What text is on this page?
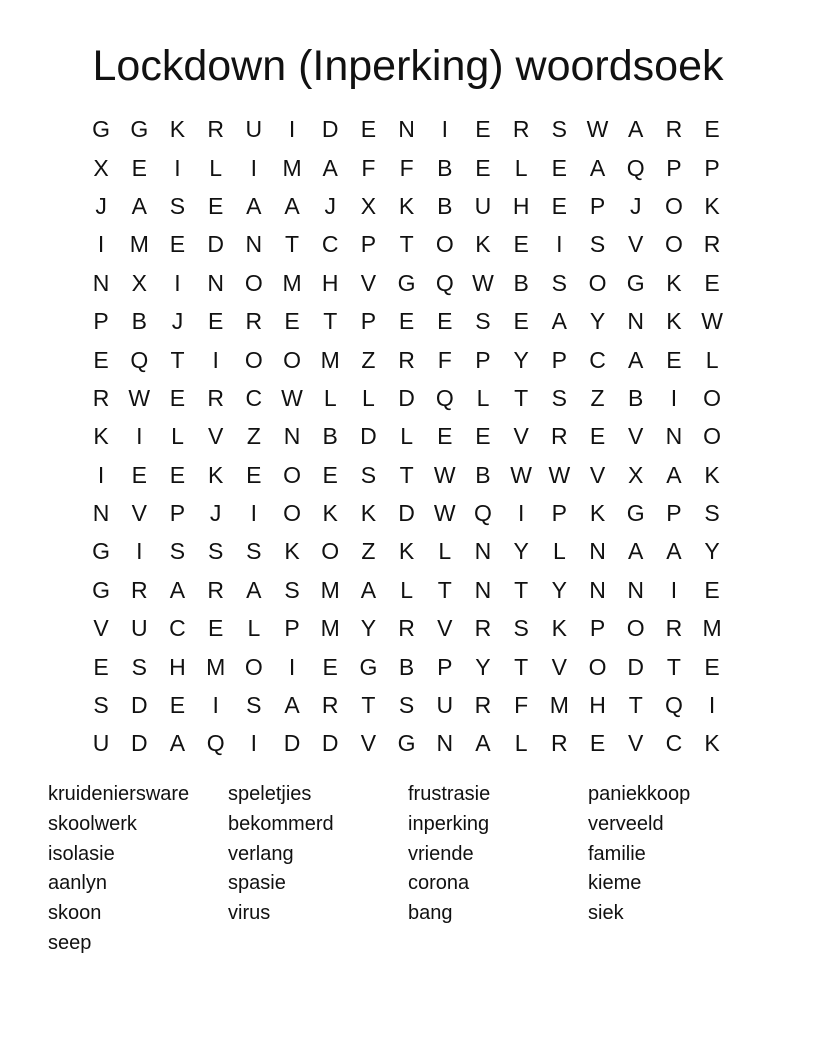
Lockdown (Inperking) woordsoek
G G K R U	I	D E N	I	E R S W A R E
X E	I	L	I	M A	F	F	B E	L	E A Q P P
J	A S E A A	J	X K B U H E P	J	O K
I	M E D N T C P	T O K E	I	S V O R
N X	I	N O M H V G Q W B S O G K E
P B	J	E R E	T	P E E S E A Y N K W
E Q T	I	O O M Z R F	P Y P C A E	L
R W E R C W L	L	D Q L	T	S	Z	B	I	O
K	I	L	V	Z N B D	L	E E V R E V N O
I	E E K E O E S	T W B W W V X A K
N V P	J	I	O K K D W Q	I	P K G P S
G	I	S S S K O Z	K	L	N Y	L	N A A Y
G R A R A S M A	L	T N T	Y N N	I	E
V U C E	L	P M Y R V R S K P O R M
E S H M O	I	E G B P Y	T	V O D T	E
S D E	I	S A R T	S U R F M H T Q	I
U D A Q	I	D D V G N A	L	R E V C K
kruideniersware	speletjies	frustrasie	paniekkoop
skoolwerk	bekommerd	inperking	verveeld
isolasie	verlang	vriende	familie
aanlyn	spasie	corona	kieme
skoon	virus	bang	siek
seep
